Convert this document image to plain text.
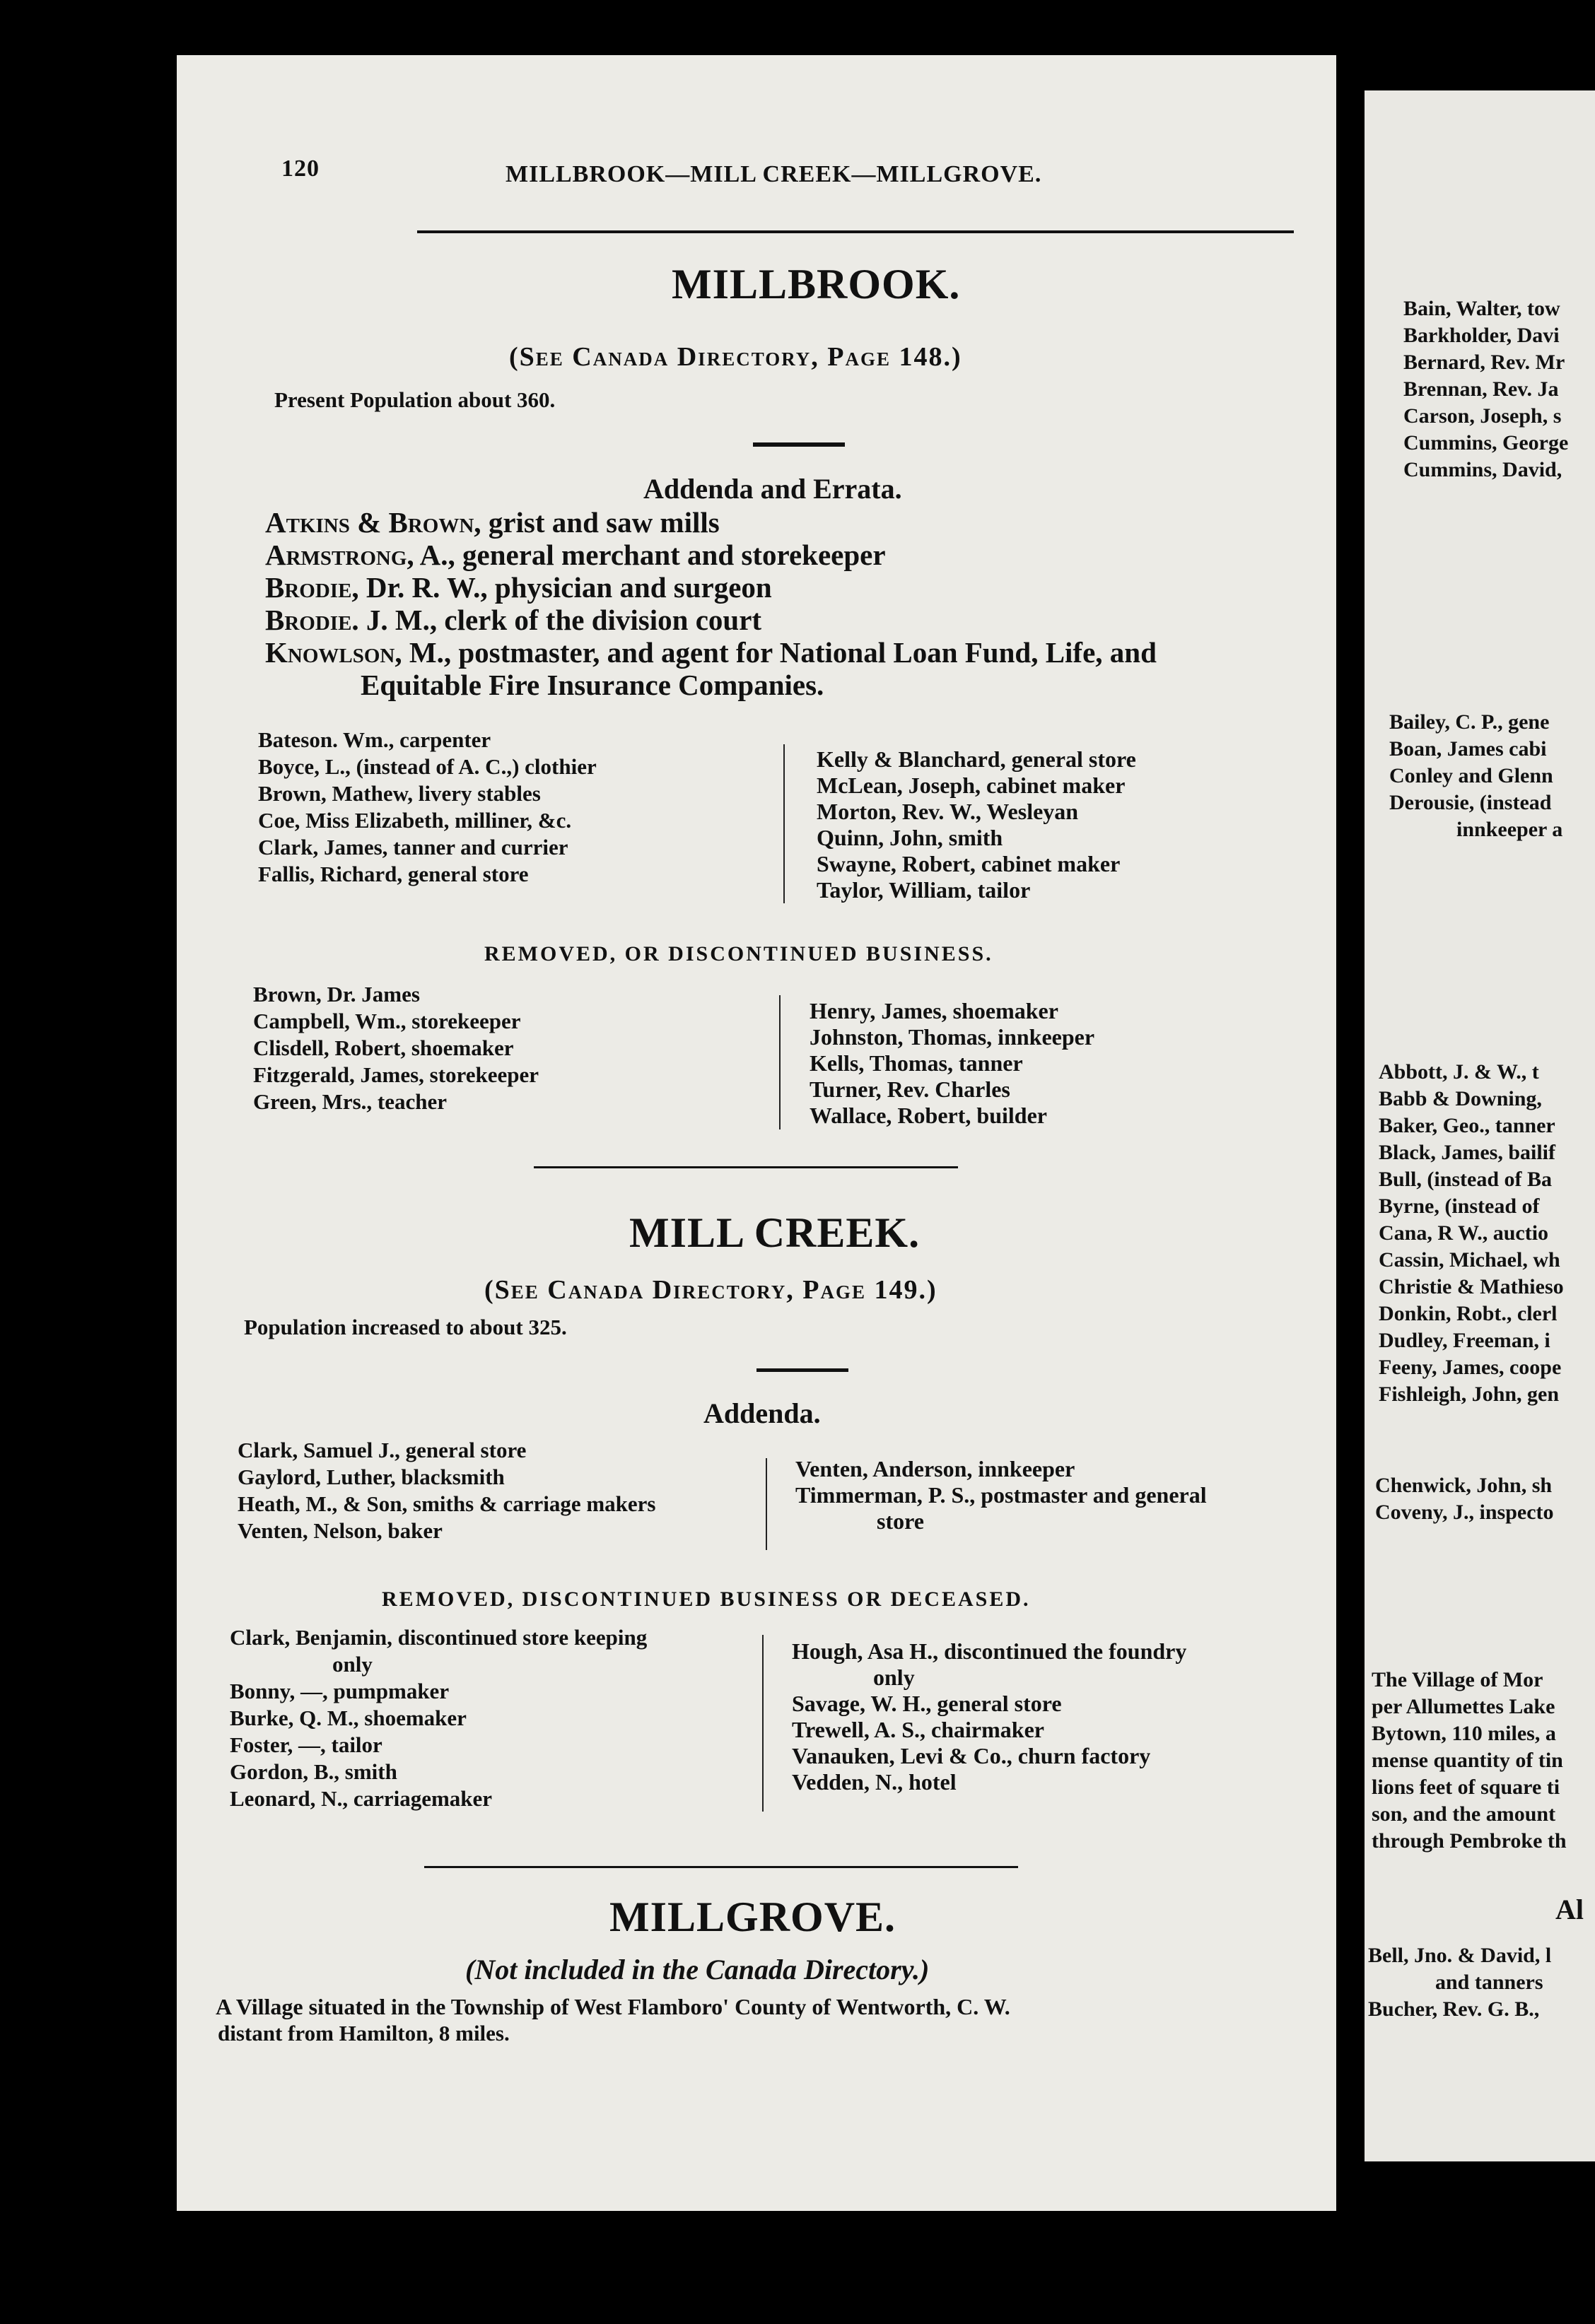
120	MILLBROOK—MILL CREEK—MILLGROVE.
MILLBROOK.
(See Canada Directory, Page 148.)
Present Population about 360.
Addenda and Errata.
Atkins & Brown, grist and saw mills
Armstrong, A., general merchant and storekeeper
Brodie, Dr. R. W., physician and surgeon
Brodie. J. M., clerk of the division court
Knowlson, M., postmaster, and agent for National Loan Fund, Life, and
Equitable Fire Insurance Companies.
Bateson. Wm., carpenter
Boyce, L., (instead of A. C.,) clothier
Brown, Mathew, livery stables
Coe, Miss Elizabeth, milliner, &c.
Clark, James, tanner and currier
Fallis, Richard, general store
Kelly & Blanchard, general store
McLean, Joseph, cabinet maker
Morton, Rev. W., Wesleyan
Quinn, John, smith
Swayne, Robert, cabinet maker
Taylor, William, tailor
REMOVED, OR DISCONTINUED BUSINESS.
Brown, Dr. James
Campbell, Wm., storekeeper
Clisdell, Robert, shoemaker
Fitzgerald, James, storekeeper
Green, Mrs., teacher
Henry, James, shoemaker
Johnston, Thomas, innkeeper
Kells, Thomas, tanner
Turner, Rev. Charles
Wallace, Robert, builder
MILL CREEK.
(See Canada Directory, Page 149.)
Population increased to about 325.
Addenda.
Clark, Samuel J., general store
Gaylord, Luther, blacksmith
Heath, M., & Son, smiths & carriage makers
Venten, Nelson, baker
Venten, Anderson, innkeeper
Timmerman, P. S., postmaster and general
store
REMOVED, DISCONTINUED BUSINESS OR DECEASED.
Clark, Benjamin, discontinued store keeping
only
Bonny, —, pumpmaker
Burke, Q. M., shoemaker
Foster, —, tailor
Gordon, B., smith
Leonard, N., carriagemaker
Hough, Asa H., discontinued the foundry
only
Savage, W. H., general store
Trewell, A. S., chairmaker
Vanauken, Levi & Co., churn factory
Vedden, N., hotel
MILLGROVE.
(Not included in the Canada Directory.)
A Village situated in the Township of West Flamboro' County of Wentworth, C. W.
distant from Hamilton, 8 miles.
Bain, Walter, tow
Barkholder, Davi
Bernard, Rev. Mr
Brennan, Rev. Ja
Carson, Joseph, s
Cummins, George
Cummins, David,
Bailey, C. P., gene
Boan, James cabi
Conley and Glenn
Derousie, (instead
innkeeper a
Abbott, J. & W., t
Babb & Downing,
Baker, Geo., tanner
Black, James, bailif
Bull, (instead of Ba
Byrne, (instead of
Cana, R W., auctio
Cassin, Michael, wh
Christie & Mathieso
Donkin, Robt., clerl
Dudley, Freeman, i
Feeny, James, coope
Fishleigh, John, gen
Chenwick, John, sh
Coveny, J., inspecto
The Village of Mor
per Allumettes Lake
Bytown, 110 miles, a
mense quantity of tin
lions feet of square ti
son, and the amount
through Pembroke th
Al
Bell, Jno. & David, l
and tanners
Bucher, Rev. G. B.,
